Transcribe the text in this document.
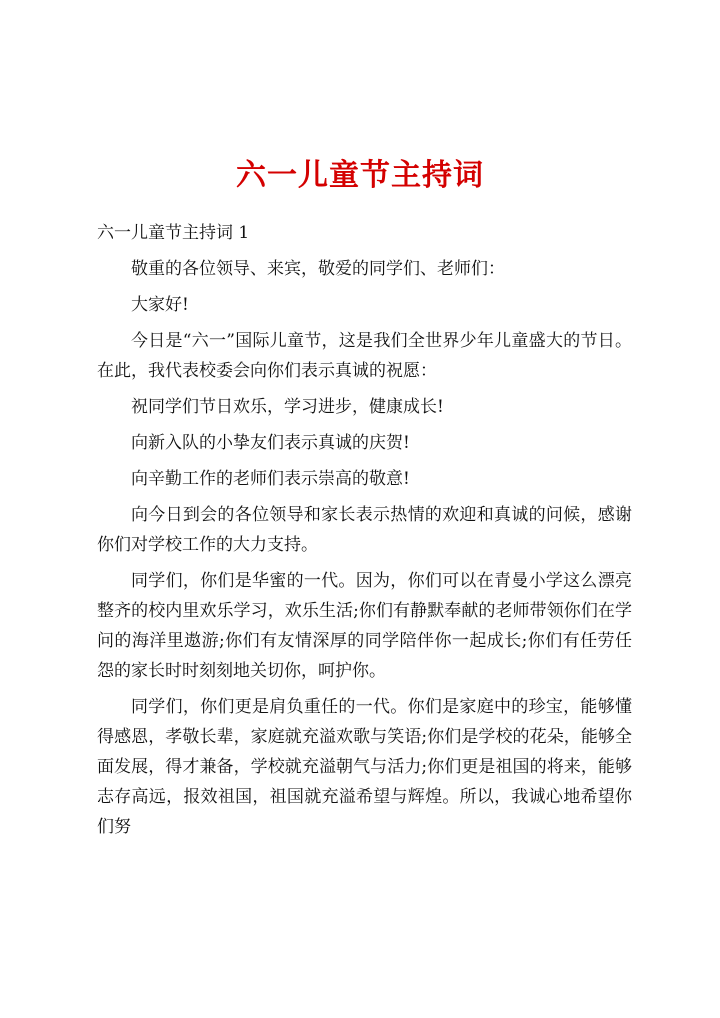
六一儿童节主持词

六一儿童节主持词 1

敬重的各位领导、来宾，敬爱的同学们、老师们：

大家好!

今日是“六一”国际儿童节，这是我们全世界少年儿童盛大的节日。在此，我代表校委会向你们表示真诚的祝愿：

祝同学们节日欢乐，学习进步，健康成长!

向新入队的小挚友们表示真诚的庆贺!

向辛勤工作的老师们表示崇高的敬意!

向今日到会的各位领导和家长表示热情的欢迎和真诚的问候，感谢你们对学校工作的大力支持。

同学们，你们是华蜜的一代。因为，你们可以在青曼小学这么漂亮整齐的校内里欢乐学习，欢乐生活;你们有静默奉献的老师带领你们在学问的海洋里遨游;你们有友情深厚的同学陪伴你一起成长;你们有任劳任怨的家长时时刻刻地关切你，呵护你。

同学们，你们更是肩负重任的一代。你们是家庭中的珍宝，能够懂得感恩，孝敬长辈，家庭就充溢欢歌与笑语;你们是学校的花朵，能够全面发展，得才兼备，学校就充溢朝气与活力;你们更是祖国的将来，能够志存高远，报效祖国，祖国就充溢希望与辉煌。所以，我诚心地希望你们努
